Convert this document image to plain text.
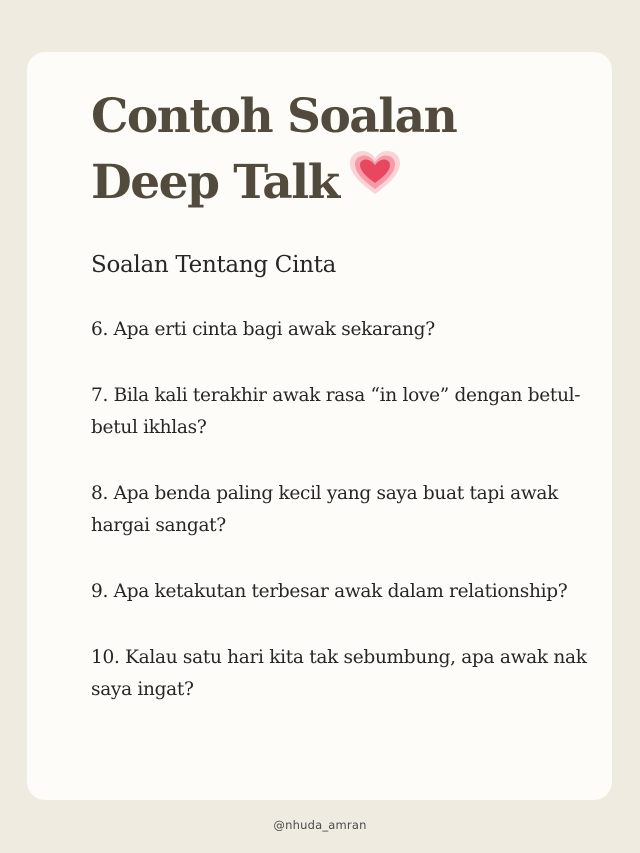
Contoh Soalan
Deep Talk
Soalan Tentang Cinta
6. Apa erti cinta bagi awak sekarang?
7. Bila kali terakhir awak rasa “in love” dengan betul-betul ikhlas?
8. Apa benda paling kecil yang saya buat tapi awak hargai sangat?
9. Apa ketakutan terbesar awak dalam relationship?
10. Kalau satu hari kita tak sebumbung, apa awak nak saya ingat?
@nhuda_amran
